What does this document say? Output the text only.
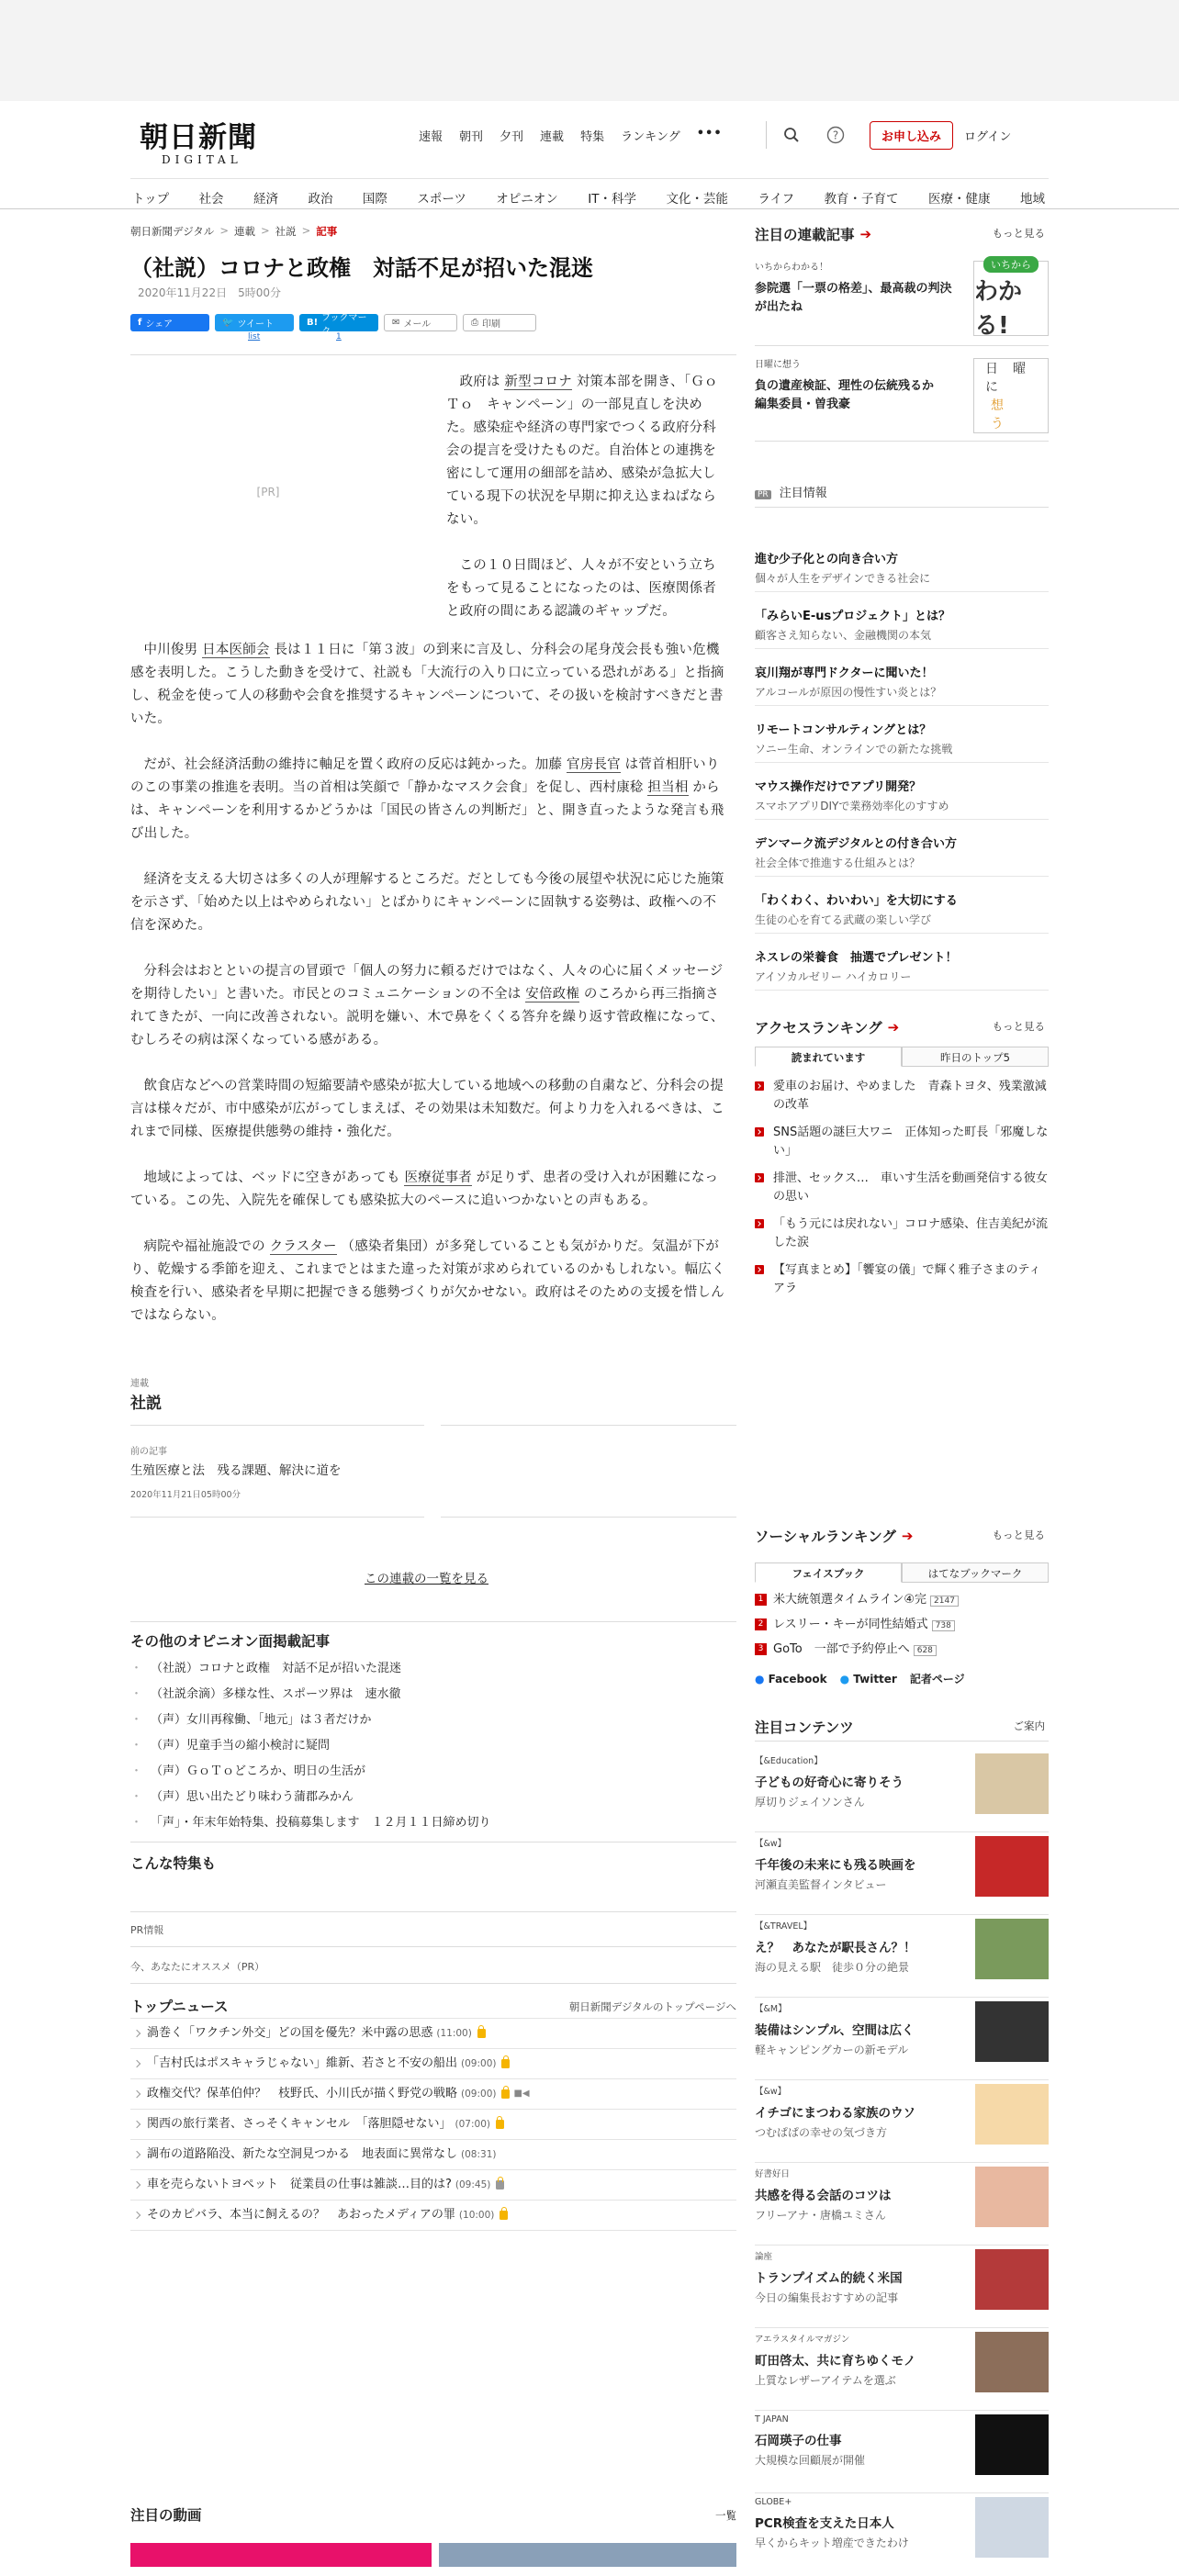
朝日新聞
DIGITAL
速報 朝刊 夕刊 連載 特集 ランキング •••	?	お申し込み	ログイン
トップ 社会 経済 政治 国際 スポーツ オピニオン IT・科学 文化・芸能 ライフ 教育・子育て 医療・健康 地域
朝日新聞デジタル > 連載 > 社説 > 記事
（社説）コロナと政権　対話不足が招いた混迷
2020年11月22日　5時00分
f シェア	🐦 ツイート	B! ブックマーク
✉ メール	⎙ 印刷
list	1
[PR]

政府は 新型コロナ 対策本部を開き、「Ｇｏ　Ｔｏ　キャンペーン」の一部見直しを決めた。感染症や経済の専門家でつくる政府分科会の提言を受けたものだ。自治体との連携を密にして運用の細部を詰め、感染が急拡大している現下の状況を早期に抑え込まねばならない。

この１０日間ほど、人々が不安という立ちをもって見ることになったのは、医療関係者と政府の間にある認識のギャップだ。

中川俊男 日本医師会 長は１１日に「第３波」の到来に言及し、分科会の尾身茂会長も強い危機感を表明した。こうした動きを受けて、社説も「大流行の入り口に立っている恐れがある」と指摘し、税金を使って人の移動や会食を推奨するキャンペーンについて、その扱いを検討すべきだと書いた。

だが、社会経済活動の維持に軸足を置く政府の反応は鈍かった。加藤 官房長官 は菅首相肝いりのこの事業の推進を表明。当の首相は笑顔で「静かなマスク会食」を促し、西村康稔 担当相 からは、キャンペーンを利用するかどうかは「国民の皆さんの判断だ」と、開き直ったような発言も飛び出した。

経済を支える大切さは多くの人が理解するところだ。だとしても今後の展望や状況に応じた施策を示さず、「始めた以上はやめられない」とばかりにキャンペーンに固執する姿勢は、政権への不信を深めた。

分科会はおとといの提言の冒頭で「個人の努力に頼るだけではなく、人々の心に届くメッセージを期待したい」と書いた。市民とのコミュニケーションの不全は 安倍政権 のころから再三指摘されてきたが、一向に改善されない。説明を嫌い、木で鼻をくくる答弁を繰り返す菅政権になって、むしろその病は深くなっている感がある。

飲食店などへの営業時間の短縮要請や感染が拡大している地域への移動の自粛など、分科会の提言は様々だが、市中感染が広がってしまえば、その効果は未知数だ。何より力を入れるべきは、これまで同様、医療提供態勢の維持・強化だ。

地域によっては、ベッドに空きがあっても 医療従事者 が足りず、患者の受け入れが困難になっている。この先、入院先を確保しても感染拡大のペースに追いつかないとの声もある。

病院や福祉施設での クラスター （感染者集団）が多発していることも気がかりだ。気温が下がり、乾燥する季節を迎え、これまでとはまた違った対策が求められているのかもしれない。幅広く検査を行い、感染者を早期に把握できる態勢づくりが欠かせない。政府はそのための支援を惜しんではならない。

連載
社説
前の記事
生殖医療と法　残る課題、解決に道を
2020年11月21日05時00分
この連載の一覧を見る
その他のオピニオン面掲載記事
・ （社説）コロナと政権　対話不足が招いた混迷
・ （社説余滴）多様な性、スポーツ界は　速水徹
・ （声）女川再稼働、「地元」は３者だけか
・ （声）児童手当の縮小検討に疑問
・ （声）ＧｏＴｏどころか、明日の生活が
・ （声）思い出たどり味わう蒲郡みかん
・ 「声」・年末年始特集、投稿募集します　１２月１１日締め切り
こんな特集も
PR情報
今、あなたにオススメ（PR）
トップニュース	朝日新聞デジタルのトップページへ
渦巻く「ワクチン外交」どの国を優先？米中露の思惑 (11:00)
「吉村氏はポスキャラじゃない」維新、若さと不安の船出 (09:00)
政権交代？保革伯仲？　枝野氏、小川氏が描く野党の戦略 (09:00) ■◀
関西の旅行業者、さっそくキャンセル　「落胆隠せない」 (07:00)
調布の道路陥没、新たな空洞見つかる　地表面に異常なし (08:31)
車を売らないトヨペット　従業員の仕事は雑談…目的は? (09:45)
そのカピバラ、本当に飼えるの？　あおったメディアの罪 (10:00)
注目の動画	一覧
注目の連載記事 ➔	もっと見る
いちからわかる！
参院選「一票の格差」、最高裁の判決が出たね
いちから
わかる!
日曜に想う
負の遺産検証、理性の伝統残るか　編集委員・曽我豪
日曜に
想う
PR 注目情報
進む少子化との向き合い方
個々が人生をデザインできる社会に
「みらいE-usプロジェクト」とは？
顧客さえ知らない、金融機関の本気
哀川翔が専門ドクターに聞いた！
アルコールが原因の慢性すい炎とは？
リモートコンサルティングとは？
ソニー生命、オンラインでの新たな挑戦
マウス操作だけでアプリ開発？
スマホアプリDIYで業務効率化のすすめ
デンマーク流デジタルとの付き合い方
社会全体で推進する仕組みとは？
「わくわく、わいわい」を大切にする
生徒の心を育てる武蔵の楽しい学び
ネスレの栄養食　抽選でプレゼント！
アイソカルゼリー ハイカロリー
アクセスランキング ➔	もっと見る
読まれています	昨日のトップ5
愛車のお届け、やめました　青森トヨタ、残業激減の改革
SNS話題の謎巨大ワニ　正体知った町長「邪魔しない」
排泄、セックス…　車いす生活を動画発信する彼女の思い
「もう元には戻れない」コロナ感染、住吉美紀が流した涙
【写真まとめ】「饗宴の儀」で輝く雅子さまのティアラ
ソーシャルランキング ➔	もっと見る
フェイスブック	はてなブックマーク
1 米大統領選タイムライン④完 2147
2 レスリー・キーが同性結婚式 738
3 GoTo　一部で予約停止へ 628
● Facebook ● Twitter 記者ページ
注目コンテンツ	ご案内
【&Education】
子どもの好奇心に寄りそう
厚切りジェイソンさん
【&w】
千年後の未来にも残る映画を
河瀬直美監督インタビュー
【&TRAVEL】
え？　あなたが駅長さん？！
海の見える駅　徒歩０分の絶景
【&M】
装備はシンプル、空間は広く
軽キャンピングカーの新モデル
【&w】
イチゴにまつわる家族のウソ
つむぱぱの幸せの気づき方
好書好日
共感を得る会話のコツは
フリーアナ・唐橋ユミさん
論座
トランプイズム的続く米国
今日の編集長おすすめの記事
アエラスタイルマガジン
町田啓太、共に育ちゆくモノ
上質なレザーアイテムを選ぶ
T JAPAN
石岡瑛子の仕事
大規模な回顧展が開催
GLOBE+
PCR検査を支えた日本人
早くからキット増産できたわけ
